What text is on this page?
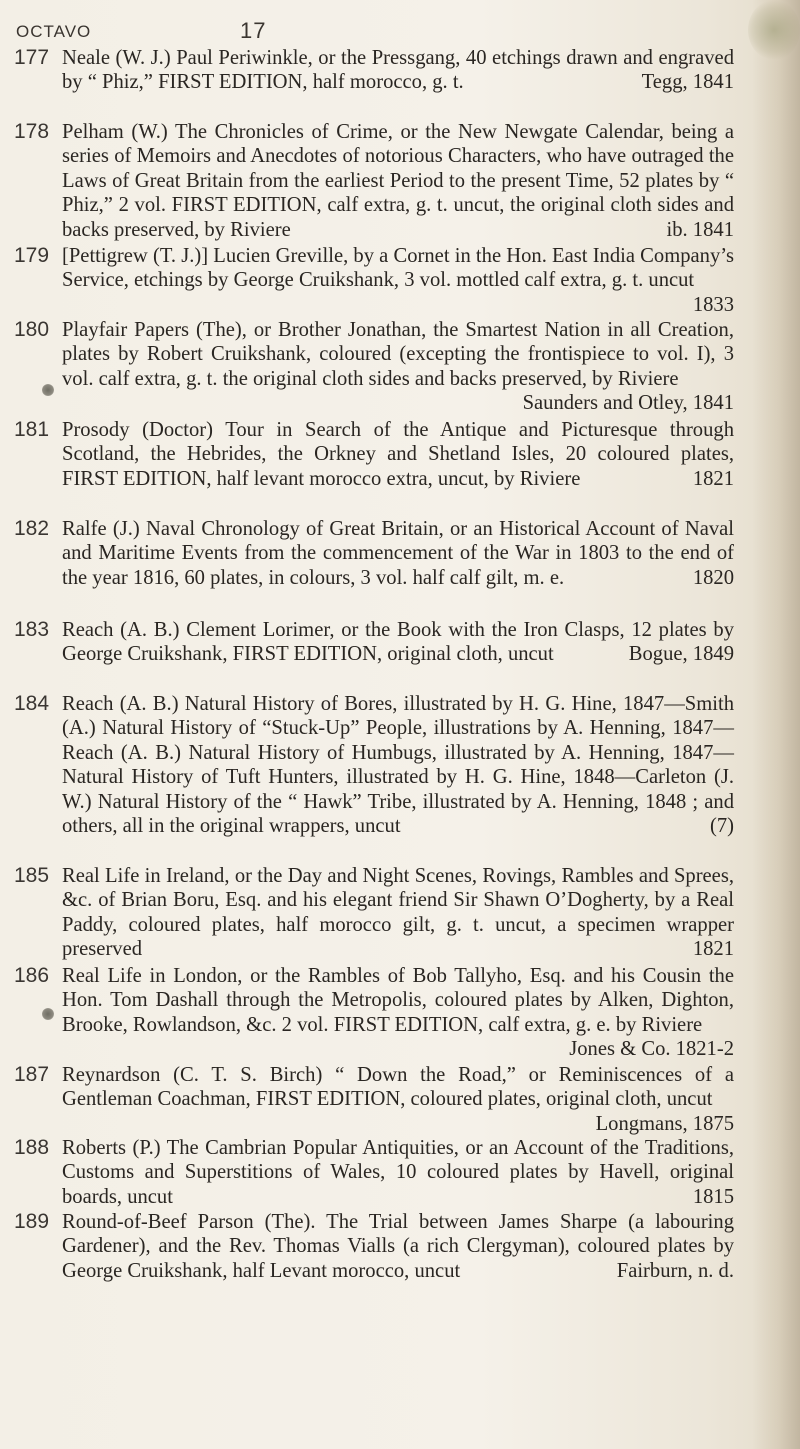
OCTAVO	17
177 Neale (W. J.) Paul Periwinkle, or the Pressgang, 40 etchings drawn and engraved by “ Phiz,” FIRST EDITION, half morocco, g. t.	Tegg, 1841
178 Pelham (W.) The Chronicles of Crime, or the New Newgate Calendar, being a series of Memoirs and Anecdotes of notorious Characters, who have outraged the Laws of Great Britain from the earliest Period to the present Time, 52 plates by “ Phiz,” 2 vol. FIRST EDITION, calf extra, g. t. uncut, the original cloth sides and backs preserved, by Riviere	ib. 1841
179 [Pettigrew (T. J.)] Lucien Greville, by a Cornet in the Hon. East India Company’s Service, etchings by George Cruikshank, 3 vol. mottled calf extra, g. t. uncut
1833
180 Playfair Papers (The), or Brother Jonathan, the Smartest Nation in all Creation, plates by Robert Cruikshank, coloured (excepting the frontispiece to vol. I), 3 vol. calf extra, g. t. the original cloth sides and backs preserved, by Riviere
Saunders and Otley, 1841
181 Prosody (Doctor) Tour in Search of the Antique and Picturesque through Scotland, the Hebrides, the Orkney and Shetland Isles, 20 coloured plates, FIRST EDITION, half levant morocco extra, uncut, by Riviere	1821
182 Ralfe (J.) Naval Chronology of Great Britain, or an Historical Account of Naval and Maritime Events from the commencement of the War in 1803 to the end of the year 1816, 60 plates, in colours, 3 vol. half calf gilt, m. e.	1820
183 Reach (A. B.) Clement Lorimer, or the Book with the Iron Clasps, 12 plates by George Cruikshank, FIRST EDITION, original cloth, uncut	Bogue, 1849
184 Reach (A. B.) Natural History of Bores, illustrated by H. G. Hine, 1847—Smith (A.) Natural History of “Stuck-Up” People, illustrations by A. Henning, 1847—Reach (A. B.) Natural History of Humbugs, illustrated by A. Henning, 1847—Natural History of Tuft Hunters, illustrated by H. G. Hine, 1848—Carleton (J. W.) Natural History of the “ Hawk” Tribe, illustrated by A. Henning, 1848 ; and others, all in the original wrappers, uncut	(7)
185 Real Life in Ireland, or the Day and Night Scenes, Rovings, Rambles and Sprees, &c. of Brian Boru, Esq. and his elegant friend Sir Shawn O’Dogherty, by a Real Paddy, coloured plates, half morocco gilt, g. t. uncut, a specimen wrapper preserved	1821
186 Real Life in London, or the Rambles of Bob Tallyho, Esq. and his Cousin the Hon. Tom Dashall through the Metropolis, coloured plates by Alken, Dighton, Brooke, Rowlandson, &c. 2 vol. FIRST EDITION, calf extra, g. e. by Riviere
Jones & Co. 1821-2
187 Reynardson (C. T. S. Birch) “ Down the Road,” or Reminiscences of a Gentleman Coachman, FIRST EDITION, coloured plates, original cloth, uncut
Longmans, 1875
188 Roberts (P.) The Cambrian Popular Antiquities, or an Account of the Traditions, Customs and Superstitions of Wales, 10 coloured plates by Havell, original boards, uncut	1815
189 Round-of-Beef Parson (The). The Trial between James Sharpe (a labouring Gardener), and the Rev. Thomas Vialls (a rich Clergyman), coloured plates by George Cruikshank, half Levant morocco, uncut	Fairburn, n. d.
